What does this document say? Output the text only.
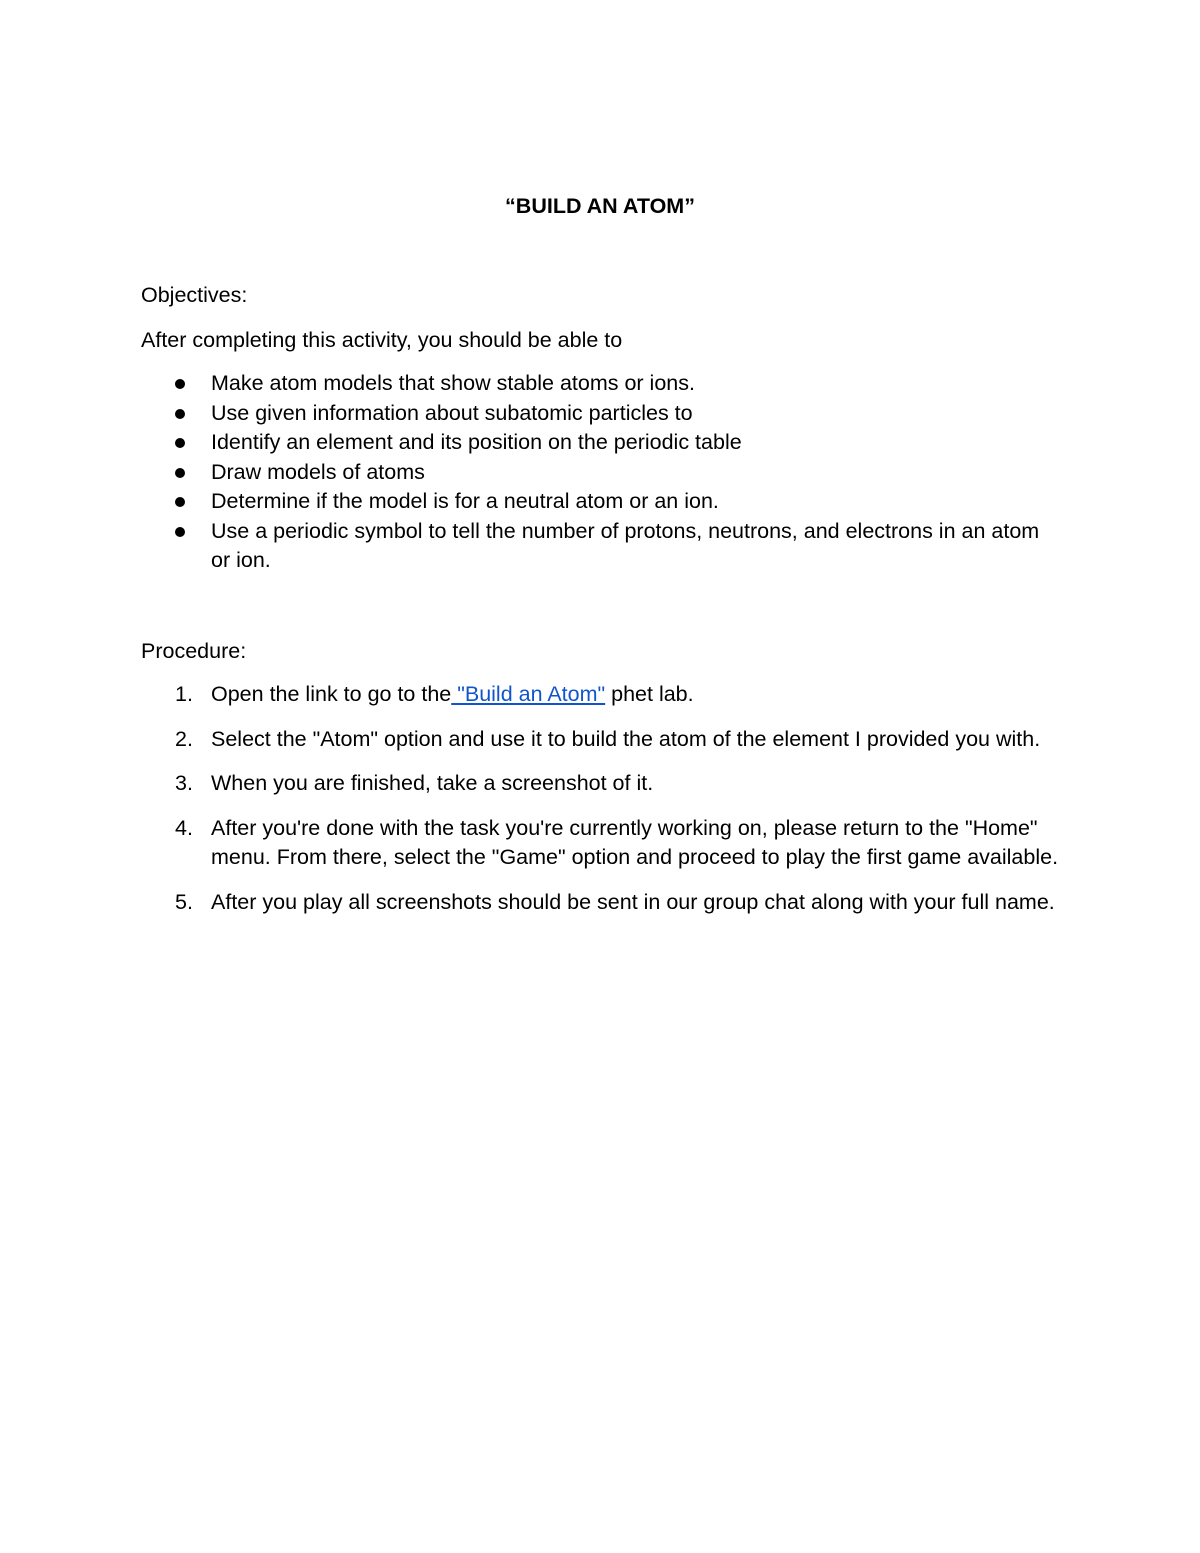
“BUILD AN ATOM”
Objectives:
After completing this activity, you should be able to
Make atom models that show stable atoms or ions.
Use given information about subatomic particles to
Identify an element and its position on the periodic table
Draw models of atoms
Determine if the model is for a neutral atom or an ion.
Use a periodic symbol to tell the number of protons, neutrons, and electrons in an atom or ion.
Procedure:
1. Open the link to go to the "Build an Atom" phet lab.
2. Select the "Atom" option and use it to build the atom of the element I provided you with.
3. When you are finished, take a screenshot of it.
4. After you're done with the task you're currently working on, please return to the "Home" menu. From there, select the "Game" option and proceed to play the first game available.
5. After you play all screenshots should be sent in our group chat along with your full name.
